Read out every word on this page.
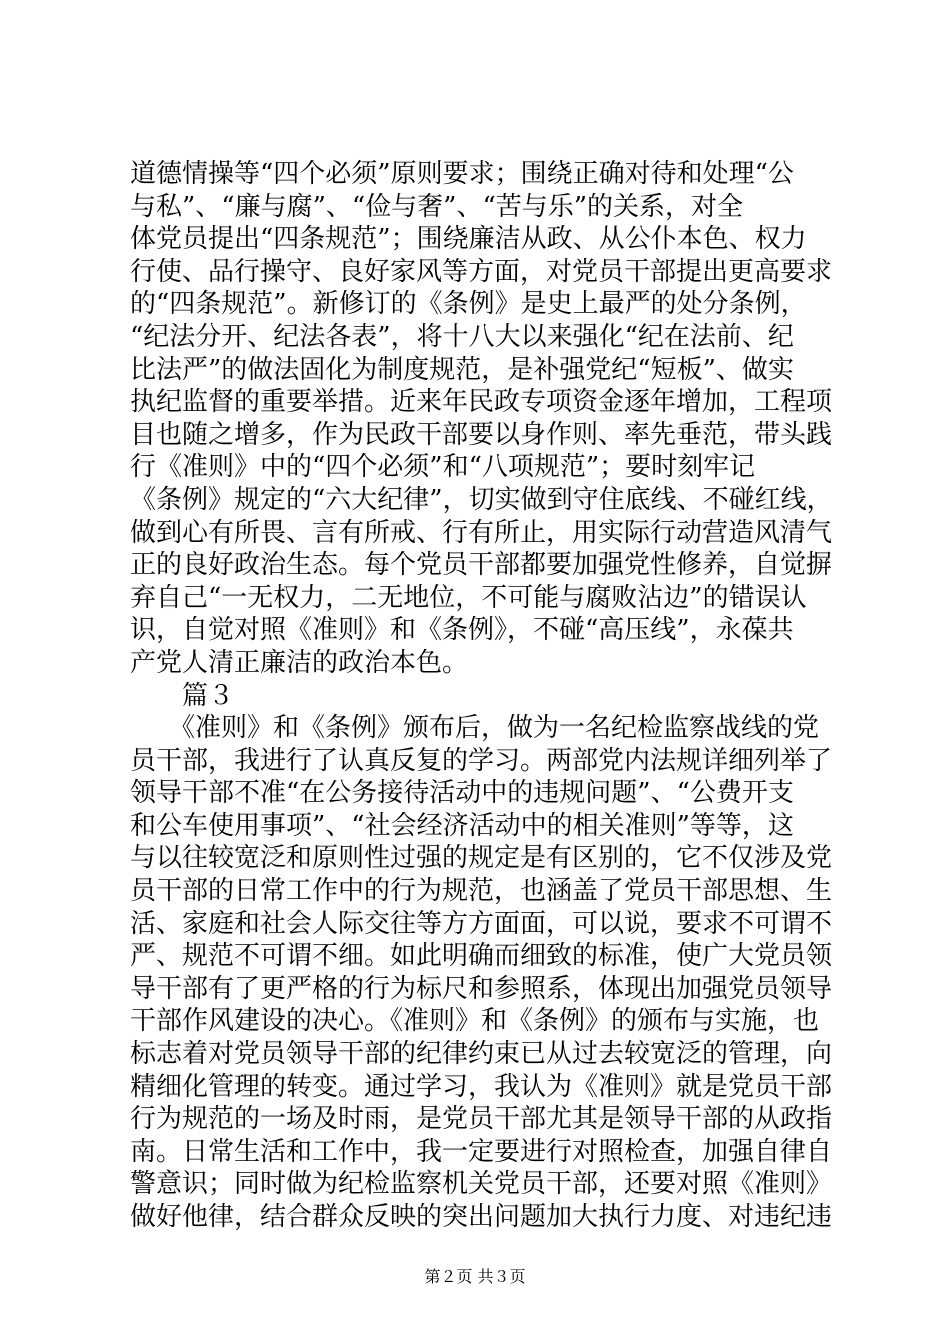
道德情操等“四个必须”原则要求；围绕正确对待和处理“公
与私”、“廉与腐”、“俭与奢”、“苦与乐”的关系，对全
体党员提出“四条规范”；围绕廉洁从政、从公仆本色、权力
行使、品行操守、良好家风等方面，对党员干部提出更高要求
的“四条规范”。新修订的《条例》是史上最严的处分条例，
“纪法分开、纪法各表”，将十八大以来强化“纪在法前、纪
比法严”的做法固化为制度规范，是补强党纪“短板”、做实
执纪监督的重要举措。近来年民政专项资金逐年增加，工程项
目也随之增多，作为民政干部要以身作则、率先垂范，带头践
行《准则》中的“四个必须”和“八项规范”；要时刻牢记
《条例》规定的“六大纪律”，切实做到守住底线、不碰红线，
做到心有所畏、言有所戒、行有所止，用实际行动营造风清气
正的良好政治生态。每个党员干部都要加强党性修养，自觉摒
弃自己“一无权力，二无地位，不可能与腐败沾边”的错误认
识，自觉对照《准则》和《条例》，不碰“高压线”，永葆共
产党人清正廉洁的政治本色。
　　篇３
　　《准则》和《条例》颁布后，做为一名纪检监察战线的党
员干部，我进行了认真反复的学习。两部党内法规详细列举了
领导干部不准“在公务接待活动中的违规问题”、“公费开支
和公车使用事项”、“社会经济活动中的相关准则”等等，这
与以往较宽泛和原则性过强的规定是有区别的，它不仅涉及党
员干部的日常工作中的行为规范，也涵盖了党员干部思想、生
活、家庭和社会人际交往等方方面面，可以说，要求不可谓不
严、规范不可谓不细。如此明确而细致的标准，使广大党员领
导干部有了更严格的行为标尺和参照系，体现出加强党员领导
干部作风建设的决心。《准则》和《条例》的颁布与实施，也
标志着对党员领导干部的纪律约束已从过去较宽泛的管理，向
精细化管理的转变。通过学习，我认为《准则》就是党员干部
行为规范的一场及时雨，是党员干部尤其是领导干部的从政指
南。日常生活和工作中，我一定要进行对照检查，加强自律自
警意识；同时做为纪检监察机关党员干部，还要对照《准则》
做好他律，结合群众反映的突出问题加大执行力度、对违纪违
第２页 共３页
